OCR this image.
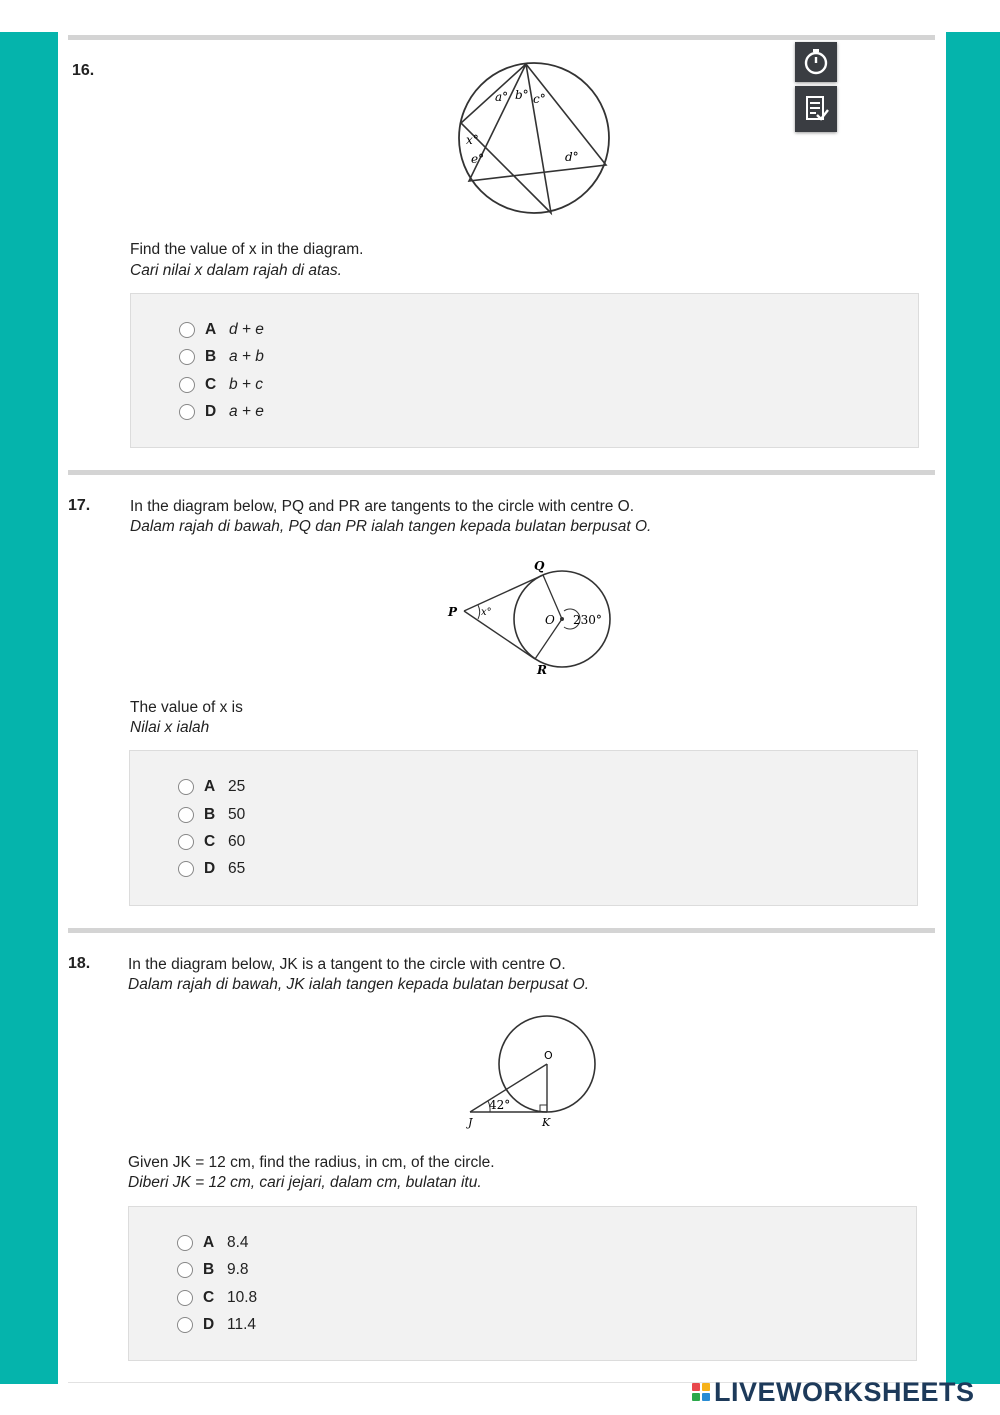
16.
a° b° c°
d°
e°
x°
Find the value of x in the diagram.
Cari nilai x dalam rajah di atas.
A d + e
B a + b
C b + c
D a + e
17.	In the diagram below, PQ and PR are tangents to the circle with centre O.
Dalam rajah di bawah, PQ dan PR ialah tangen kepada bulatan berpusat O.
P
Q
R
O
x°
230°
The value of x is
Nilai x ialah
A 25
B 50
C 60
D 65
18. In the diagram below, JK is a tangent to the circle with centre O.
Dalam rajah di bawah, JK ialah tangen kepada bulatan berpusat O.
O
J	K
42°
Given JK = 12 cm, find the radius, in cm, of the circle.
Diberi JK = 12 cm, cari jejari, dalam cm, bulatan itu.
A 8.4
B 9.8
C 10.8
D 11.4
LIVEWORKSHEETS
